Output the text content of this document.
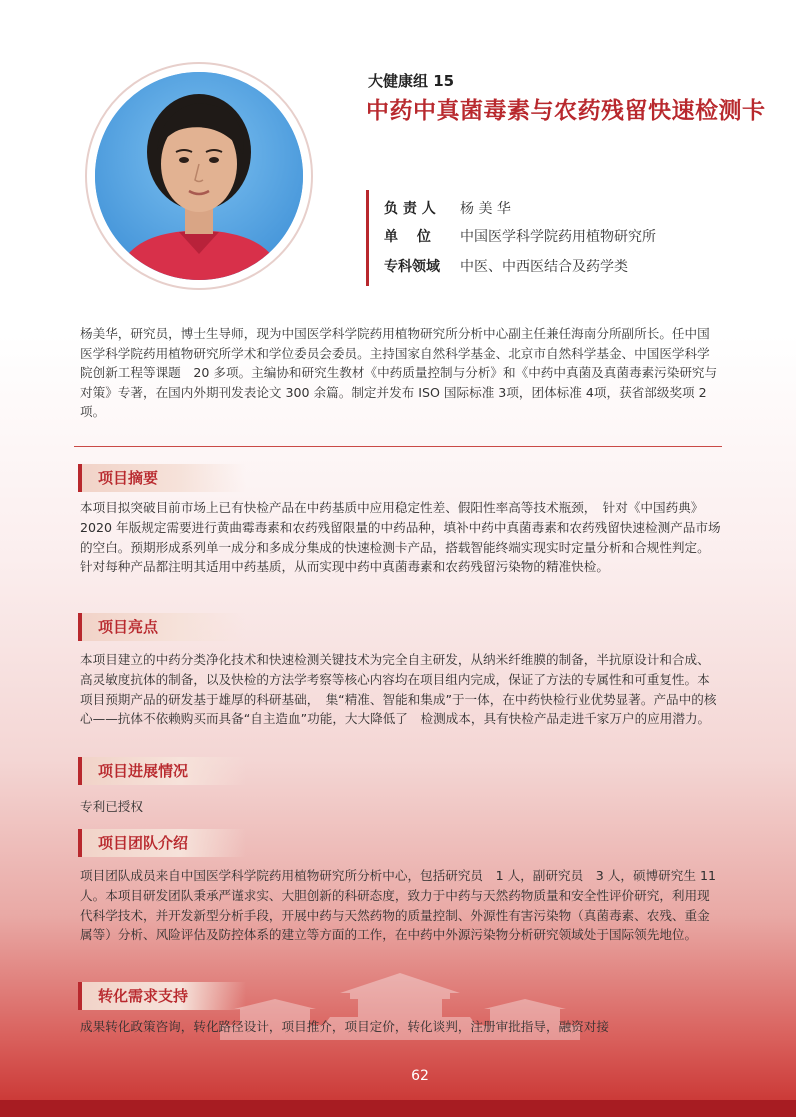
大健康组 15
中药中真菌毒素与农药残留快速检测卡
负 责 人 杨 美 华
单　 位 中国医学科学院药用植物研究所
专科领域 中医、中西医结合及药学类
杨美华，研究员，博士生导师，现为中国医学科学院药用植物研究所分析中心副主任兼任海南分所副所长。任中国医学科学院药用植物研究所学术和学位委员会委员。主持国家自然科学基金、北京市自然科学基金、中国医学科学院创新工程等课题　20 多项。主编协和研究生教材《中药质量控制与分析》和《中药中真菌及真菌毒素污染研究与对策》专著，在国内外期刊发表论文 300 余篇。制定并发布 ISO 国际标准 3项，团体标准 4项，获省部级奖项 2项。
项目摘要
本项目拟突破目前市场上已有快检产品在中药基质中应用稳定性差、假阳性率高等技术瓶颈，　针对《中国药典》2020 年版规定需要进行黄曲霉毒素和农药残留限量的中药品种，填补中药中真菌毒素和农药残留快速检测产品市场的空白。预期形成系列单一成分和多成分集成的快速检测卡产品，搭载智能终端实现实时定量分析和合规性判定。针对每种产品都注明其适用中药基质，从而实现中药中真菌毒素和农药残留污染物的精准快检。
项目亮点
本项目建立的中药分类净化技术和快速检测关键技术为完全自主研发，从纳米纤维膜的制备，半抗原设计和合成、高灵敏度抗体的制备，以及快检的方法学考察等核心内容均在项目组内完成，保证了方法的专属性和可重复性。本项目预期产品的研发基于雄厚的科研基础，　集“精准、智能和集成”于一体，在中药快检行业优势显著。产品中的核心——抗体不依赖购买而具备“自主造血”功能，大大降低了　检测成本，具有快检产品走进千家万户的应用潜力。
项目进展情况
专利已授权
项目团队介绍
项目团队成员来自中国医学科学院药用植物研究所分析中心，包括研究员　1 人，副研究员　3 人，硕博研究生 11 人。本项目研发团队秉承严谨求实、大胆创新的科研态度，致力于中药与天然药物质量和安全性评价研究，利用现代科学技术，并开发新型分析手段，开展中药与天然药物的质量控制、外源性有害污染物（真菌毒素、农残、重金属等）分析、风险评估及防控体系的建立等方面的工作，在中药中外源污染物分析研究领域处于国际领先地位。
转化需求支持
成果转化政策咨询，转化路径设计，项目推介，项目定价，转化谈判，注册审批指导，融资对接
62
